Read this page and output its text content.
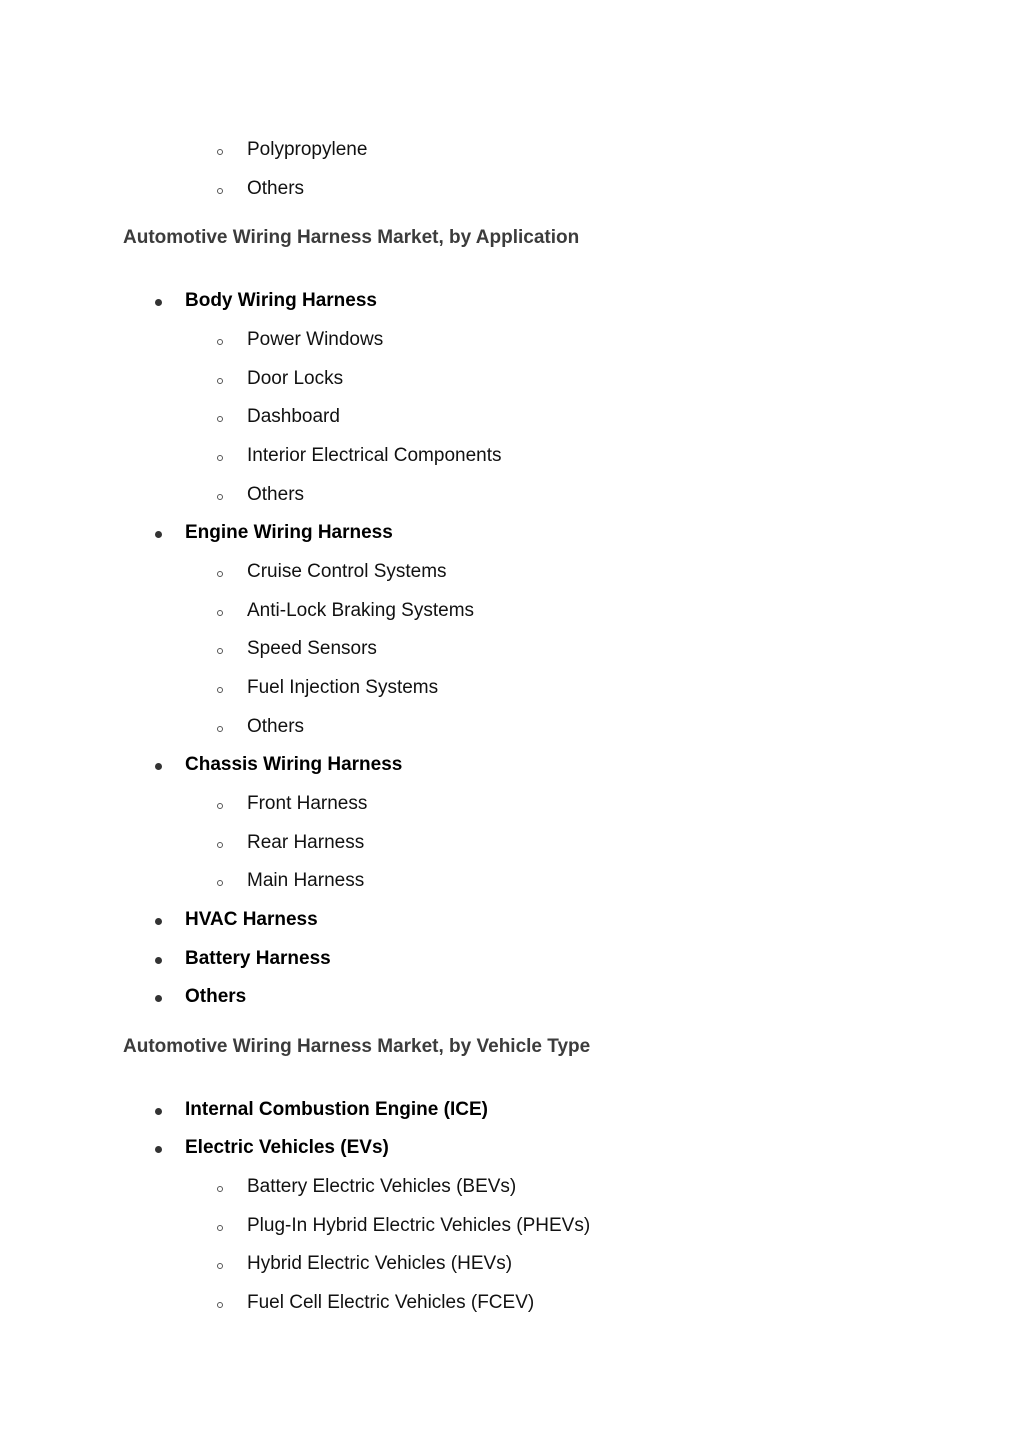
Polypropylene
Others
Automotive Wiring Harness Market, by Application
Body Wiring Harness
Power Windows
Door Locks
Dashboard
Interior Electrical Components
Others
Engine Wiring Harness
Cruise Control Systems
Anti-Lock Braking Systems
Speed Sensors
Fuel Injection Systems
Others
Chassis Wiring Harness
Front Harness
Rear Harness
Main Harness
HVAC Harness
Battery Harness
Others
Automotive Wiring Harness Market, by Vehicle Type
Internal Combustion Engine (ICE)
Electric Vehicles (EVs)
Battery Electric Vehicles (BEVs)
Plug-In Hybrid Electric Vehicles (PHEVs)
Hybrid Electric Vehicles (HEVs)
Fuel Cell Electric Vehicles (FCEV)
